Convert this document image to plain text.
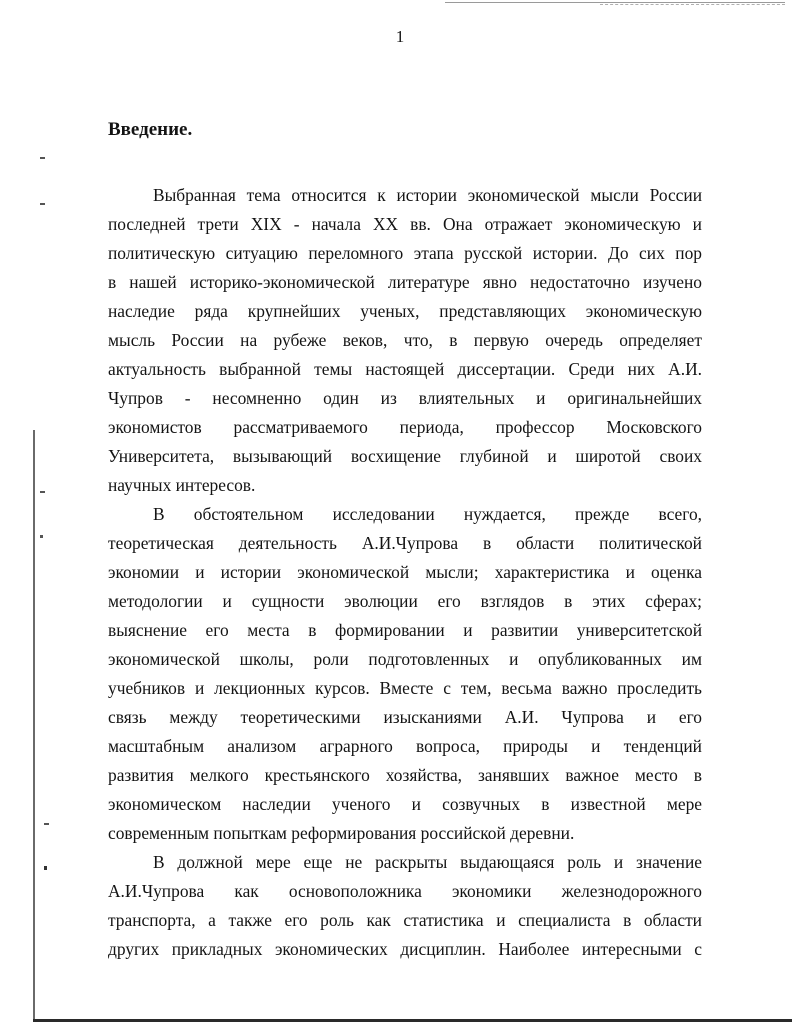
1
Введение.
Выбранная тема относится к истории экономической мысли России
последней трети XIX - начала XX вв. Она отражает экономическую и
политическую ситуацию переломного этапа русской истории. До сих пор
в нашей историко-экономической литературе явно недостаточно изучено
наследие ряда крупнейших ученых, представляющих экономическую
мысль России на рубеже веков, что, в первую очередь определяет
актуальность выбранной темы настоящей диссертации. Среди них А.И.
Чупров - несомненно один из влиятельных и оригинальнейших
экономистов рассматриваемого периода, профессор Московского
Университета, вызывающий восхищение глубиной и широтой своих
научных интересов.
В обстоятельном исследовании нуждается, прежде всего,
теоретическая деятельность А.И.Чупрова в области политической
экономии и истории экономической мысли; характеристика и оценка
методологии и сущности эволюции его взглядов в этих сферах;
выяснение его места в формировании и развитии университетской
экономической школы, роли подготовленных и опубликованных им
учебников и лекционных курсов. Вместе с тем, весьма важно проследить
связь между теоретическими изысканиями А.И. Чупрова и его
масштабным анализом аграрного вопроса, природы и тенденций
развития мелкого крестьянского хозяйства, занявших важное место в
экономическом наследии ученого и созвучных в известной мере
современным попыткам реформирования российской деревни.
В должной мере еще не раскрыты выдающаяся роль и значение
А.И.Чупрова как основоположника экономики железнодорожного
транспорта, а также его роль как статистика и специалиста в области
других прикладных экономических дисциплин. Наиболее интересными с
